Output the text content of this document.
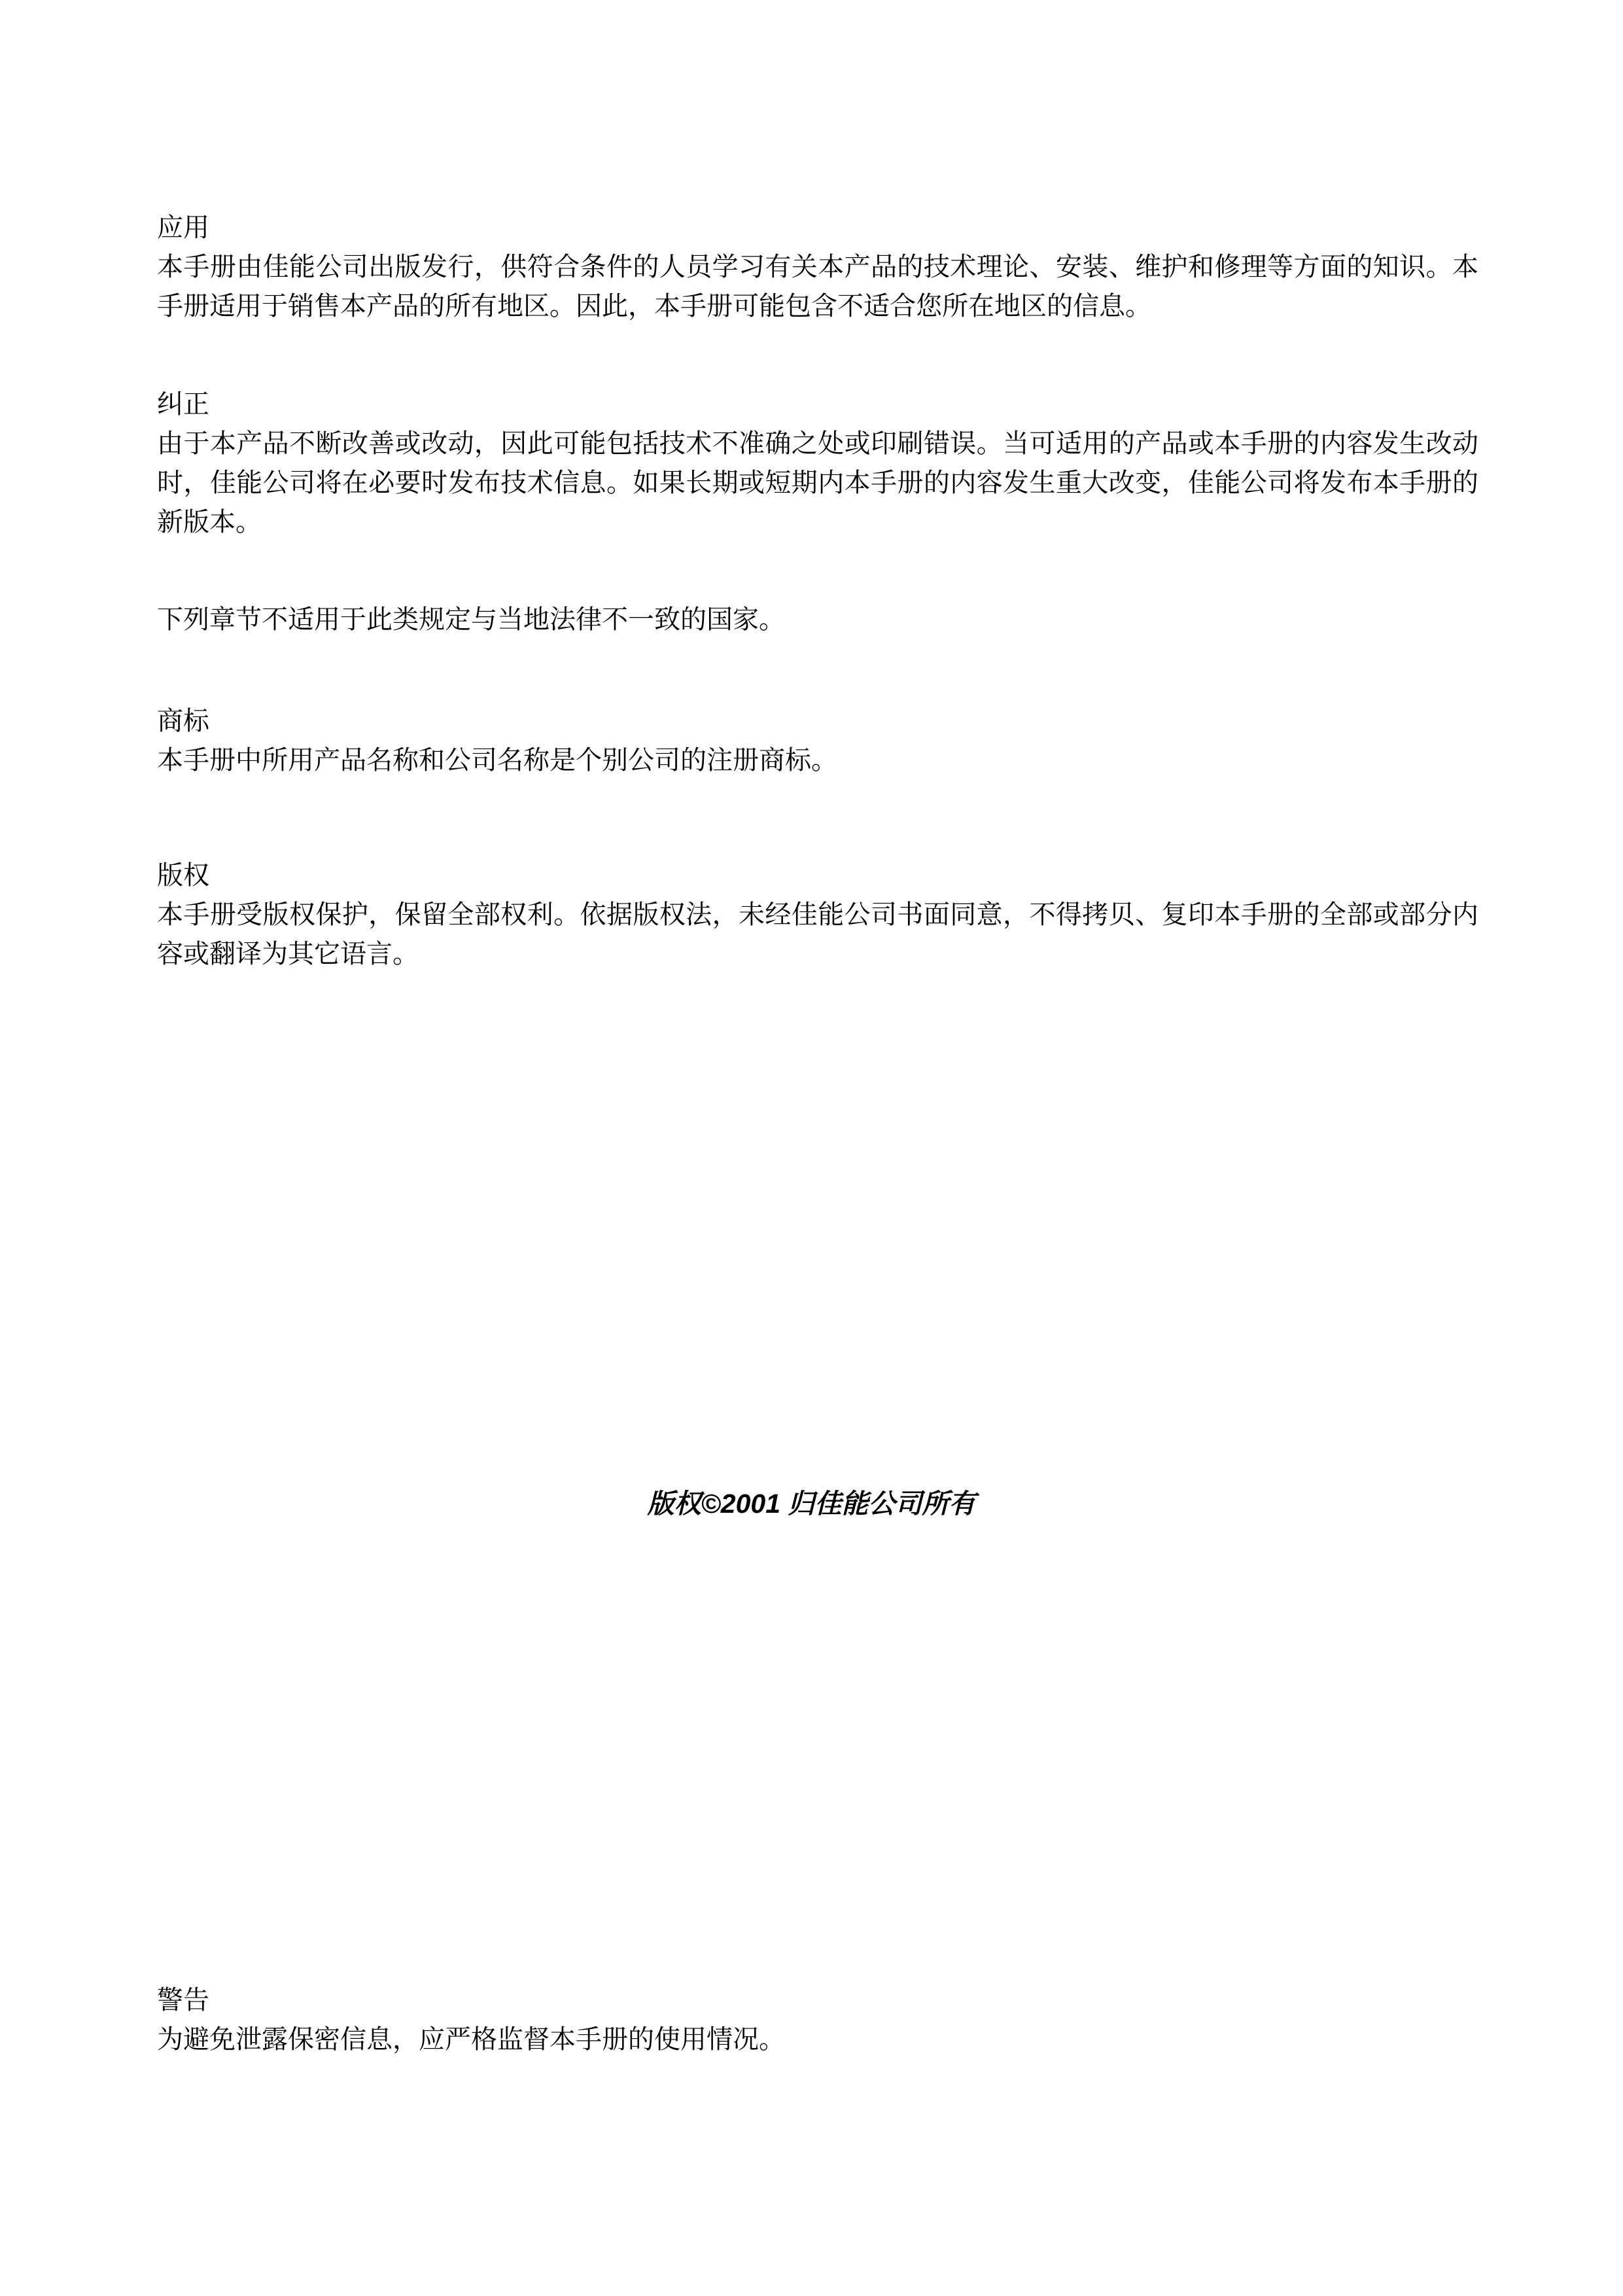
应用

本手册由佳能公司出版发行，供符合条件的人员学习有关本产品的技术理论、安装、维护和修理等方面的知识。本手册适用于销售本产品的所有地区。因此，本手册可能包含不适合您所在地区的信息。

纠正

由于本产品不断改善或改动，因此可能包括技术不准确之处或印刷错误。当可适用的产品或本手册的内容发生改动时，佳能公司将在必要时发布技术信息。如果长期或短期内本手册的内容发生重大改变，佳能公司将发布本手册的新版本。

下列章节不适用于此类规定与当地法律不一致的国家。

商标

本手册中所用产品名称和公司名称是个别公司的注册商标。

版权

本手册受版权保护，保留全部权利。依据版权法，未经佳能公司书面同意，不得拷贝、复印本手册的全部或部分内容或翻译为其它语言。

版权©2001 归佳能公司所有
警告

为避免泄露保密信息，应严格监督本手册的使用情况。
